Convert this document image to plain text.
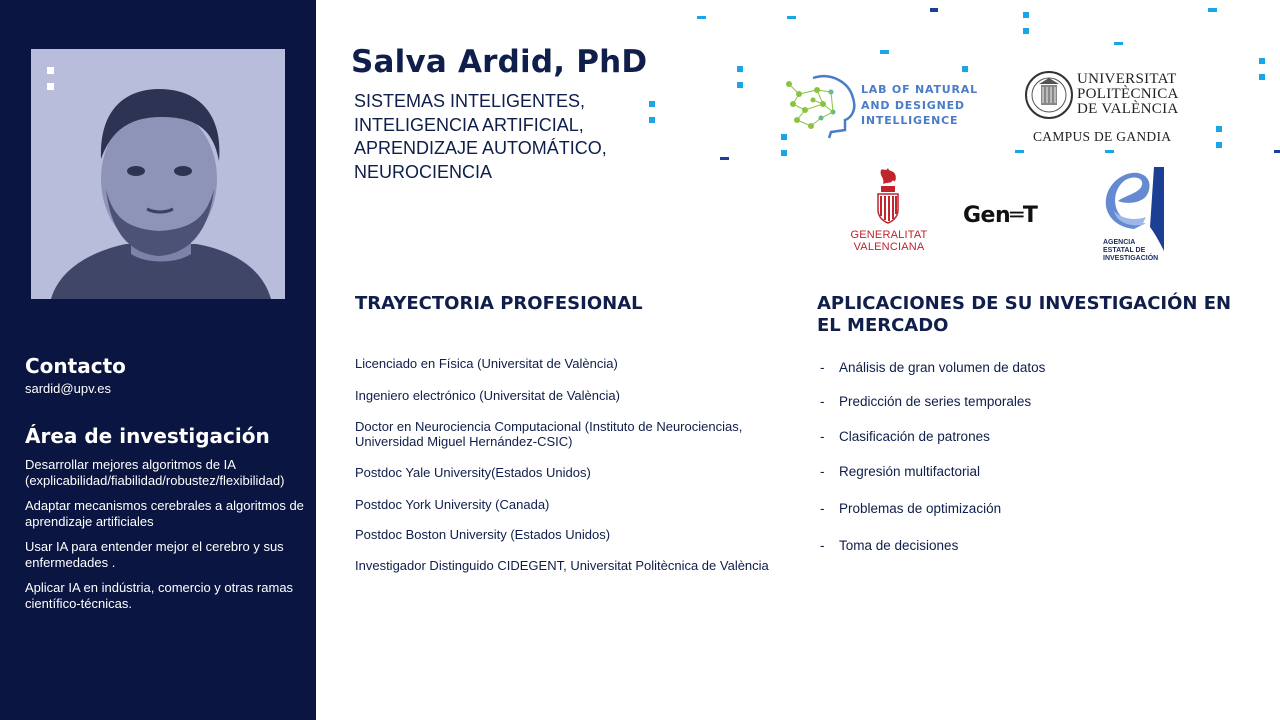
Contacto
sardid@upv.es
Área de investigación
Desarrollar mejores algoritmos de IA (explicabilidad/fiabilidad/robustez/flexibilidad)
Adaptar mecanismos cerebrales a algoritmos de aprendizaje artificiales
Usar IA para entender mejor el cerebro y sus enfermedades .
Aplicar IA en indústria, comercio y otras ramas científico-técnicas.
Salva Ardid, PhD
SISTEMAS INTELIGENTES,
INTELIGENCIA ARTIFICIAL,
APRENDIZAJE AUTOMÁTICO,
NEUROCIENCIA
LAB OF NATURAL
AND DESIGNED
INTELLIGENCE
UNIVERSITAT
POLITÈCNICA
DE VALÈNCIA
CAMPUS DE GANDIA
GENERALITAT
VALENCIANA
Gen═T
AGENCIA
ESTATAL DE
INVESTIGACIÓN
TRAYECTORIA PROFESIONAL
Licenciado en Física (Universitat de València)
Ingeniero electrónico (Universitat de València)
Doctor en Neurociencia Computacional (Instituto de Neurociencias, Universidad Miguel Hernández-CSIC)
Postdoc Yale University(Estados Unidos)
Postdoc York University (Canada)
Postdoc Boston University (Estados Unidos)
Investigador Distinguido CIDEGENT, Universitat Politècnica de València
APLICACIONES DE SU INVESTIGACIÓN EN EL MERCADO
- Análisis de gran volumen de datos
- Predicción de series temporales
- Clasificación de patrones
- Regresión multifactorial
- Problemas de optimización
- Toma de decisiones
